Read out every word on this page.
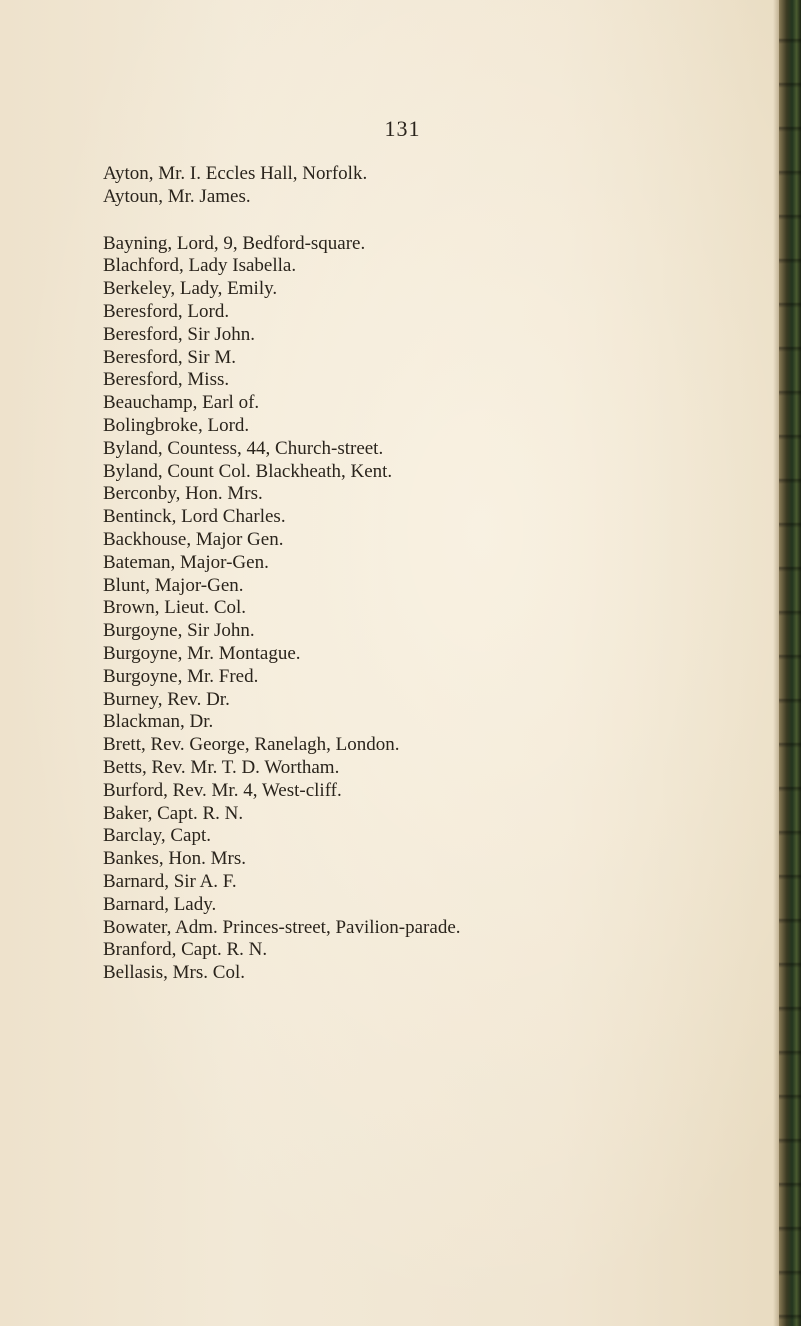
131
Ayton, Mr. I. Eccles Hall, Norfolk.
Aytoun, Mr. James.
Bayning, Lord, 9, Bedford-square.
Blachford, Lady Isabella.
Berkeley, Lady, Emily.
Beresford, Lord.
Beresford, Sir John.
Beresford, Sir M.
Beresford, Miss.
Beauchamp, Earl of.
Bolingbroke, Lord.
Byland, Countess, 44, Church-street.
Byland, Count Col. Blackheath, Kent.
Berconby, Hon. Mrs.
Bentinck, Lord Charles.
Backhouse, Major Gen.
Bateman, Major-Gen.
Blunt, Major-Gen.
Brown, Lieut. Col.
Burgoyne, Sir John.
Burgoyne, Mr. Montague.
Burgoyne, Mr. Fred.
Burney, Rev. Dr.
Blackman, Dr.
Brett, Rev. George, Ranelagh, London.
Betts, Rev. Mr. T. D. Wortham.
Burford, Rev. Mr. 4, West-cliff.
Baker, Capt. R. N.
Barclay, Capt.
Bankes, Hon. Mrs.
Barnard, Sir A. F.
Barnard, Lady.
Bowater, Adm. Princes-street, Pavilion-parade.
Branford, Capt. R. N.
Bellasis, Mrs. Col.
